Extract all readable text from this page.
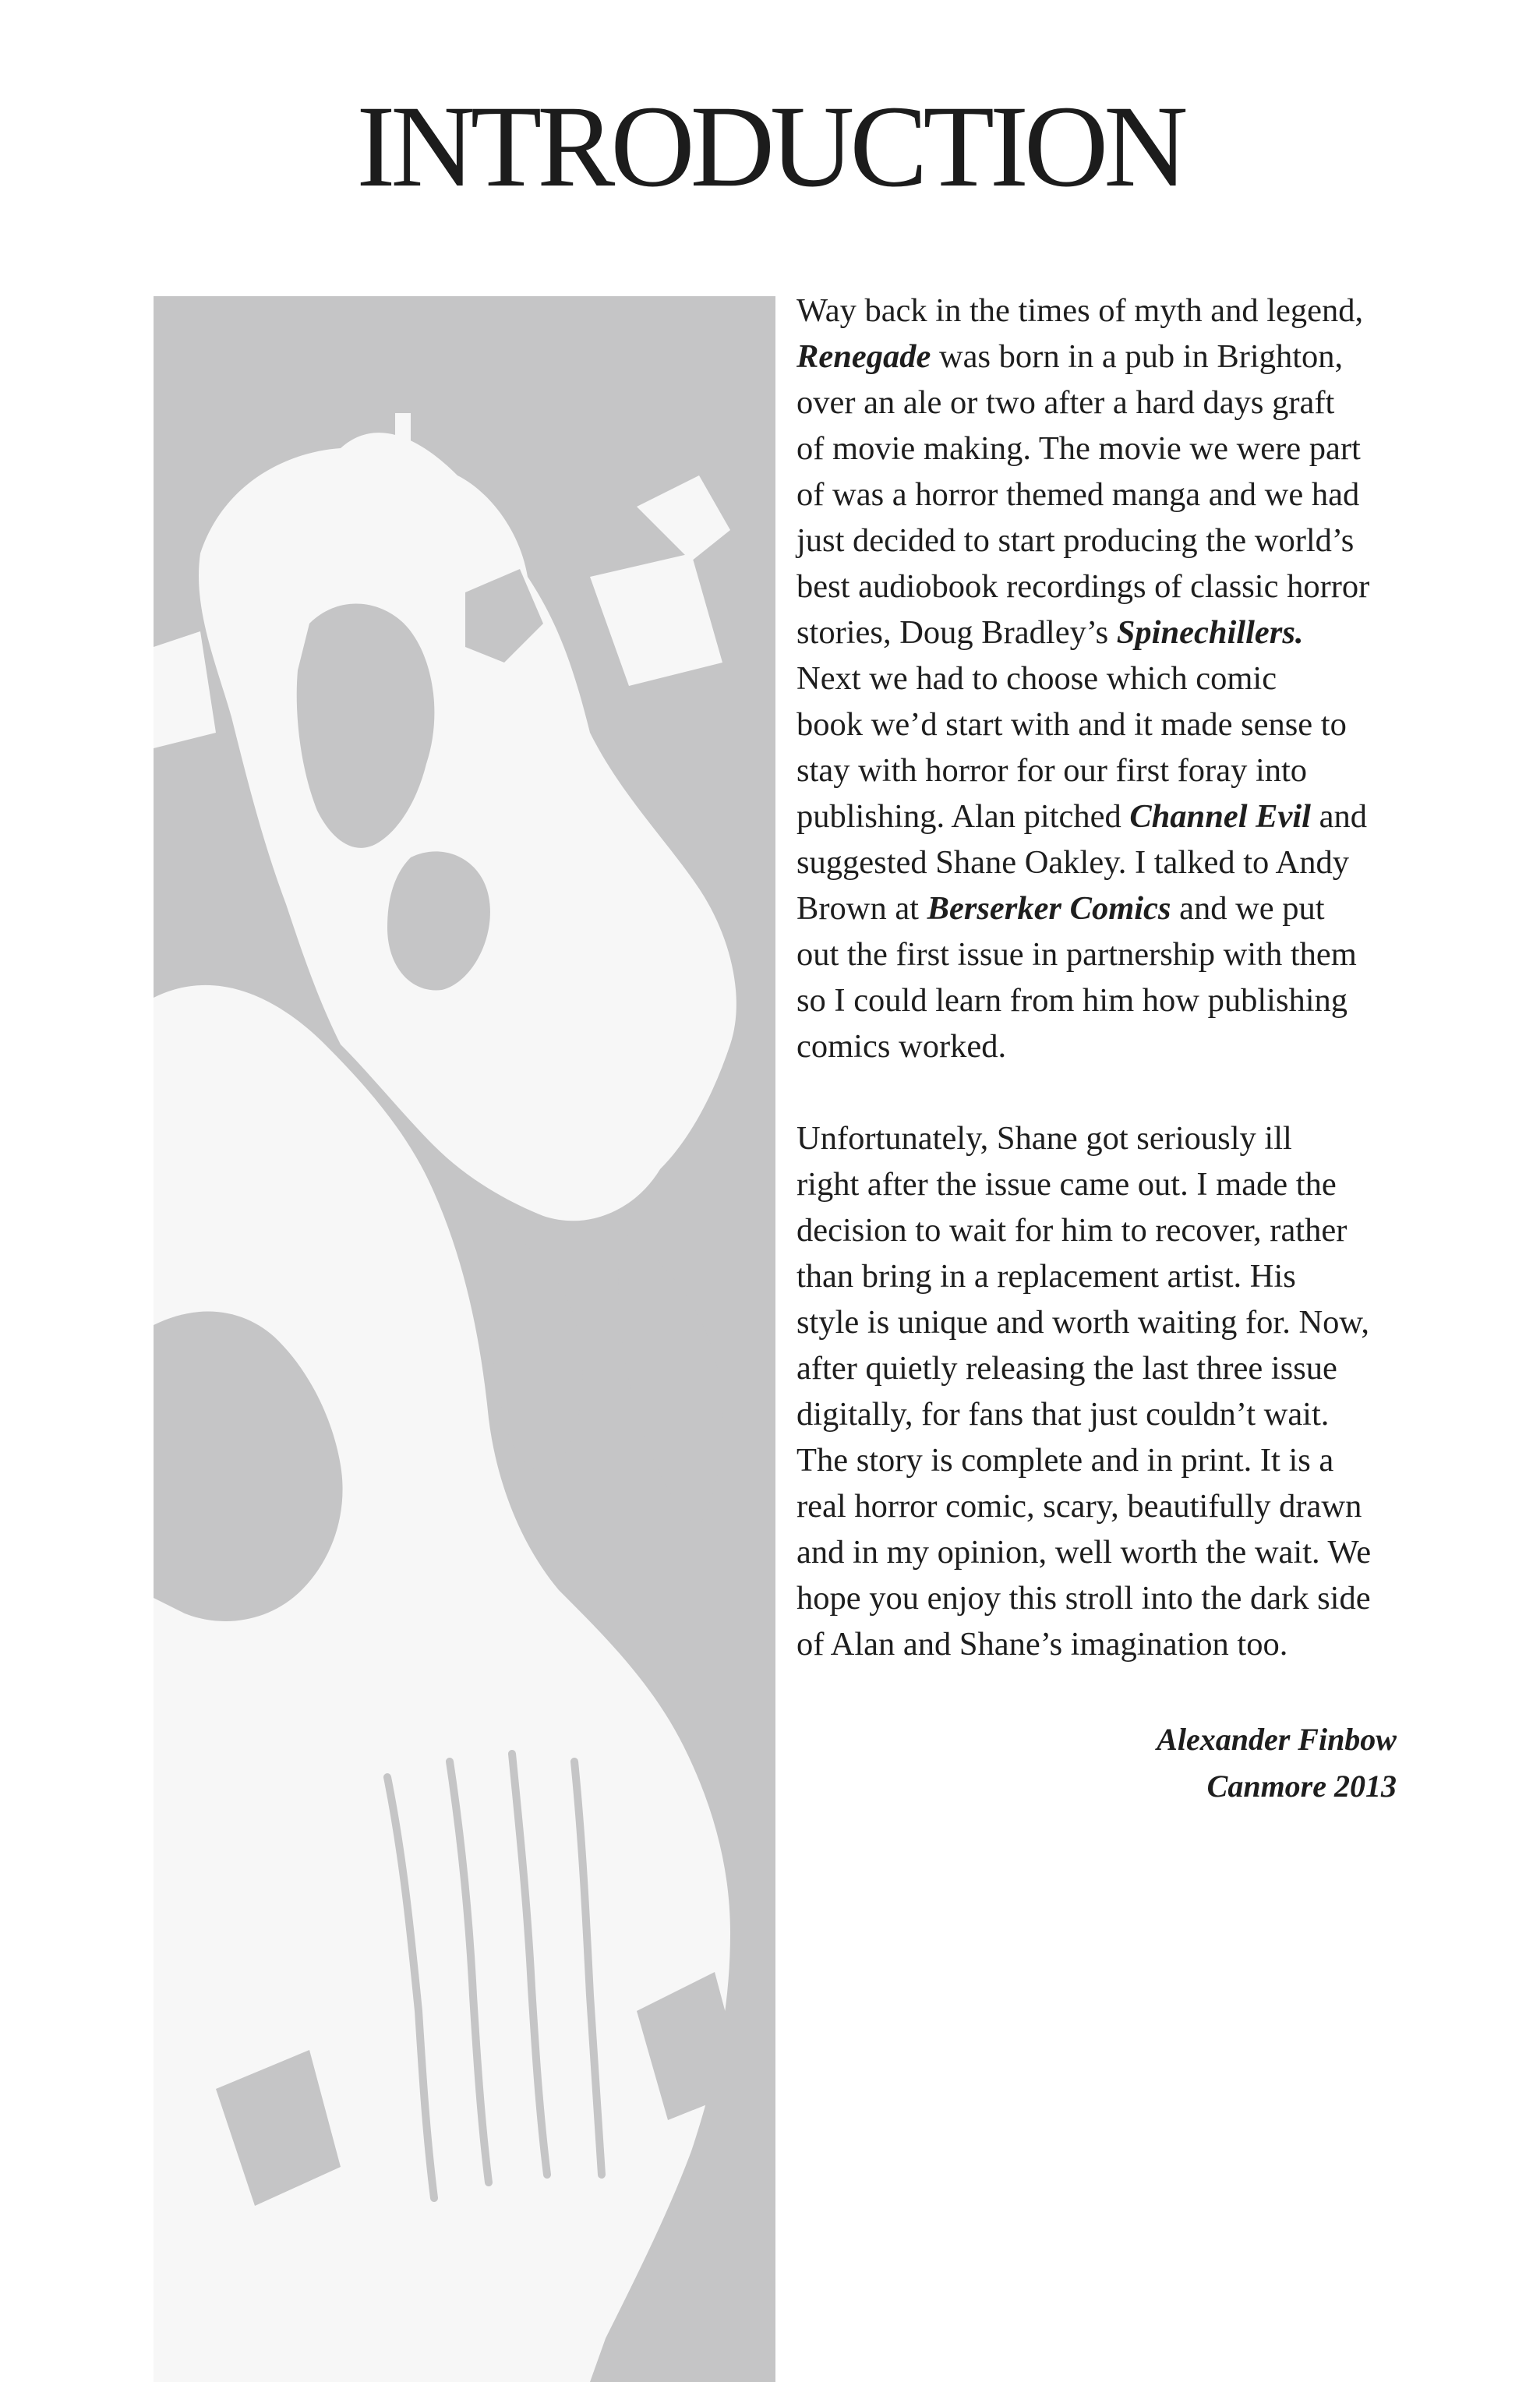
INTRODUCTION

Way back in the times of myth and legend,
Renegade was born in a pub in Brighton,
over an ale or two after a hard days graft
of movie making. The movie we were part
of was a horror themed manga and we had
just decided to start producing the world’s
best audiobook recordings of classic horror
stories, Doug Bradley’s Spinechillers.
Next we had to choose which comic
book we’d start with and it made sense to
stay with horror for our first foray into
publishing. Alan pitched Channel Evil and
suggested Shane Oakley. I talked to Andy
Brown at Berserker Comics and we put
out the first issue in partnership with them
so I could learn from him how publishing
comics worked.

Unfortunately, Shane got seriously ill
right after the issue came out. I made the
decision to wait for him to recover, rather
than bring in a replacement artist. His
style is unique and worth waiting for. Now,
after quietly releasing the last three issue
digitally, for fans that just couldn’t wait.
The story is complete and in print. It is a
real horror comic, scary, beautifully drawn
and in my opinion, well worth the wait. We
hope you enjoy this stroll into the dark side
of Alan and Shane’s imagination too.

Alexander Finbow
Canmore 2013
